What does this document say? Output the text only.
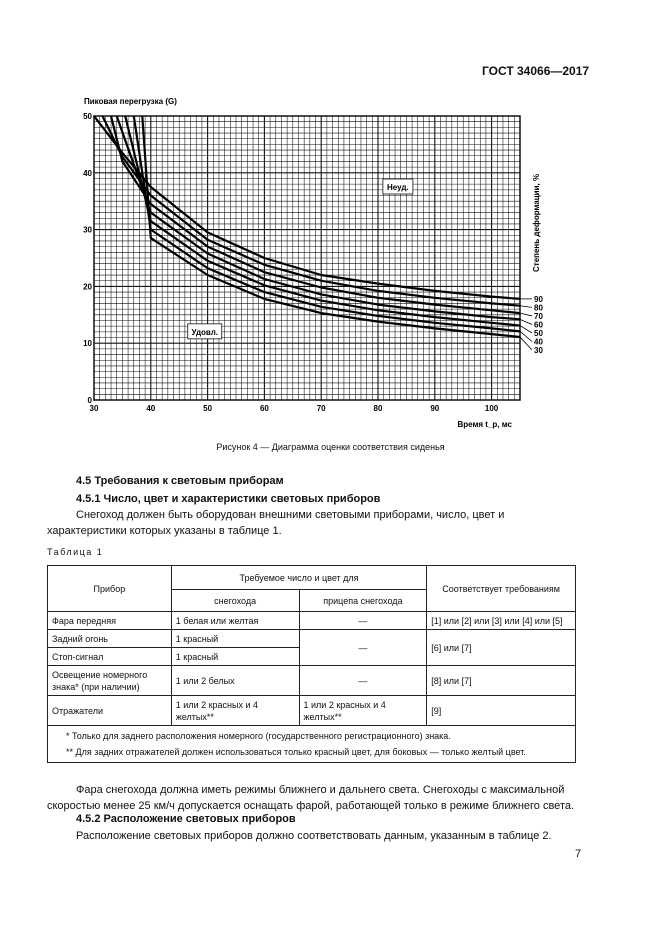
ГОСТ 34066—2017
Пиковая перегрузка (G)
Время t_p, мс
Степень деформации, %
30	40	50	60	70	80	90	100
0
10
20
30
40
50
Неуд.
Удовл.
90
80
70
60
50
40
30
Рисунок 4 — Диаграмма оценки соответствия сиденья
4.5 Требования к световым приборам
4.5.1 Число, цвет и характеристики световых приборов
Снегоход должен быть оборудован внешними световыми приборами, число, цвет и характеристики которых указаны в таблице 1.
Таблица 1
Прибор	Требуемое число и цвет для		Соответствует требованиям
	снегохода	прицепа снегохода	
Фара передняя	1 белая или желтая	—	[1] или [2] или [3] или [4] или [5]
Задний огонь	1 красный	—	[6] или [7]
Стоп-сигнал	1 красный		
Освещение номерного знака* (при наличии)	1 или 2 белых	—	[8] или [7]
Отражатели	1 или 2 красных и 4 желтых**	1 или 2 красных и 4 желтых**	[9]

* Только для заднего расположения номерного (государственного регистрационного) знака.
** Для задних отражателей должен использоваться только красный цвет, для боковых — только желтый цвет.			
Фара снегохода должна иметь режимы ближнего и дальнего света. Снегоходы с максимальной скоростью менее 25 км/ч допускается оснащать фарой, работающей только в режиме ближнего света.
4.5.2 Расположение световых приборов
Расположение световых приборов должно соответствовать данным, указанным в таблице 2.
7
